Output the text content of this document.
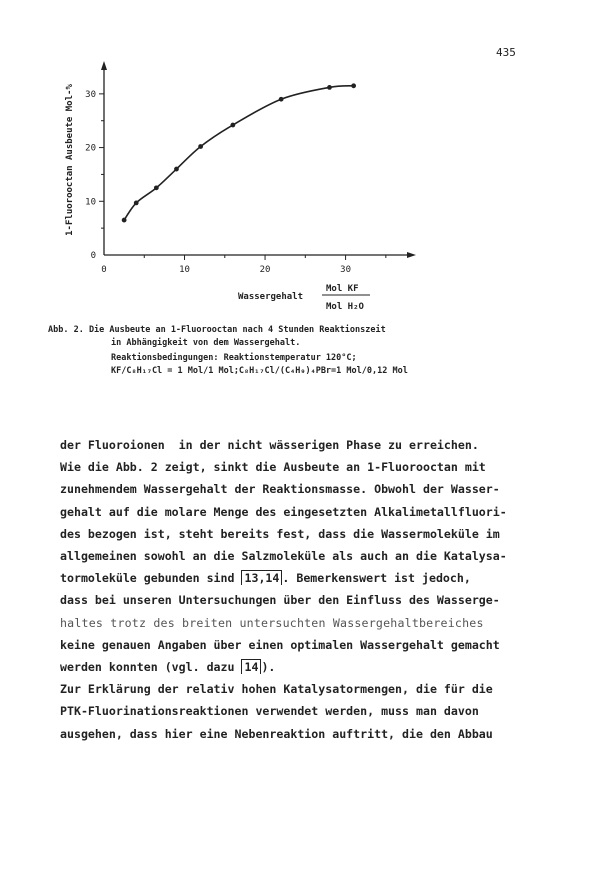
435
0	10	20	30
0
10
20
30
1-Fluorooctan Ausbeute Mol-%
Wassergehalt
Mol KF
Mol H₂O
Abb. 2. Die Ausbeute an 1-Fluorooctan nach 4 Stunden Reaktionszeit
in Abhängigkeit von dem Wassergehalt.
Reaktionsbedingungen: Reaktionstemperatur 120°C;
KF/C₈H₁₇Cl = 1 Mol/1 Mol;C₈H₁₇Cl/(C₄H₉)₄PBr=1 Mol/0,12 Mol
der Fluoroionen  in der nicht wässerigen Phase zu erreichen.
Wie die Abb. 2 zeigt, sinkt die Ausbeute an 1-Fluorooctan mit
zunehmendem Wassergehalt der Reaktionsmasse. Obwohl der Wasser-
gehalt auf die molare Menge des eingesetzten Alkalimetallfluori-
des bezogen ist, steht bereits fest, dass die Wassermoleküle im
allgemeinen sowohl an die Salzmoleküle als auch an die Katalysa-
tormoleküle gebunden sind 13,14 . Bemerkenswert ist jedoch,
dass bei unseren Untersuchungen über den Einfluss des Wasserge-
haltes trotz des breiten untersuchten Wassergehaltbereiches
keine genauen Angaben über einen optimalen Wassergehalt gemacht
werden konnten (vgl. dazu 14 ).
Zur Erklärung der relativ hohen Katalysatormengen, die für die
PTK-Fluorinationsreaktionen verwendet werden, muss man davon
ausgehen, dass hier eine Nebenreaktion auftritt, die den Abbau
